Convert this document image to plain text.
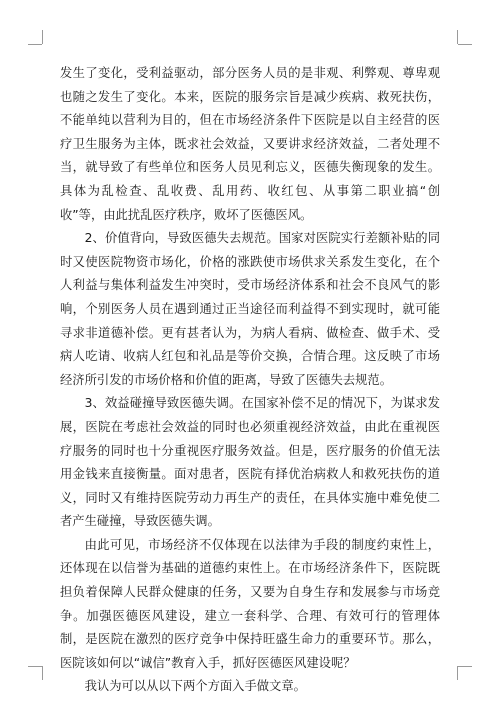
发生了变化，受利益驱动，部分医务人员的是非观、利弊观、尊卑观也随之发生了变化。本来，医院的服务宗旨是减少疾病、救死扶伤，不能单纯以营利为目的，但在市场经济条件下医院是以自主经营的医疗卫生服务为主体，既求社会效益，又要讲求经济效益，二者处理不当，就导致了有些单位和医务人员见利忘义，医德失衡现象的发生。具体为乱检查、乱收费、乱用药、收红包、从事第二职业搞“创收”等，由此扰乱医疗秩序，败坏了医德医风。

2、价值背向，导致医德失去规范。国家对医院实行差额补贴的同时又使医院物资市场化，价格的涨跌使市场供求关系发生变化，在个人利益与集体利益发生冲突时，受市场经济体系和社会不良风气的影响，个别医务人员在遇到通过正当途径而利益得不到实现时，就可能寻求非道德补偿。更有甚者认为，为病人看病、做检查、做手术、受病人吃请、收病人红包和礼品是等价交换，合情合理。这反映了市场经济所引发的市场价格和价值的距离，导致了医德失去规范。

3、效益碰撞导致医德失调。在国家补偿不足的情况下，为谋求发展，医院在考虑社会效益的同时也必须重视经济效益，由此在重视医疗服务的同时也十分重视医疗服务效益。但是，医疗服务的价值无法用金钱来直接衡量。面对患者，医院有择优治病救人和救死扶伤的道义，同时又有维持医院劳动力再生产的责任，在具体实施中难免使二者产生碰撞，导致医德失调。

由此可见，市场经济不仅体现在以法律为手段的制度约束性上，还体现在以信誉为基础的道德约束性上。在市场经济条件下，医院既担负着保障人民群众健康的任务，又要为自身生存和发展参与市场竞争。加强医德医风建设，建立一套科学、合理、有效可行的管理体制，是医院在激烈的医疗竞争中保持旺盛生命力的重要环节。那么，医院该如何以“诚信”教育入手，抓好医德医风建设呢？

我认为可以从以下两个方面入手做文章。
